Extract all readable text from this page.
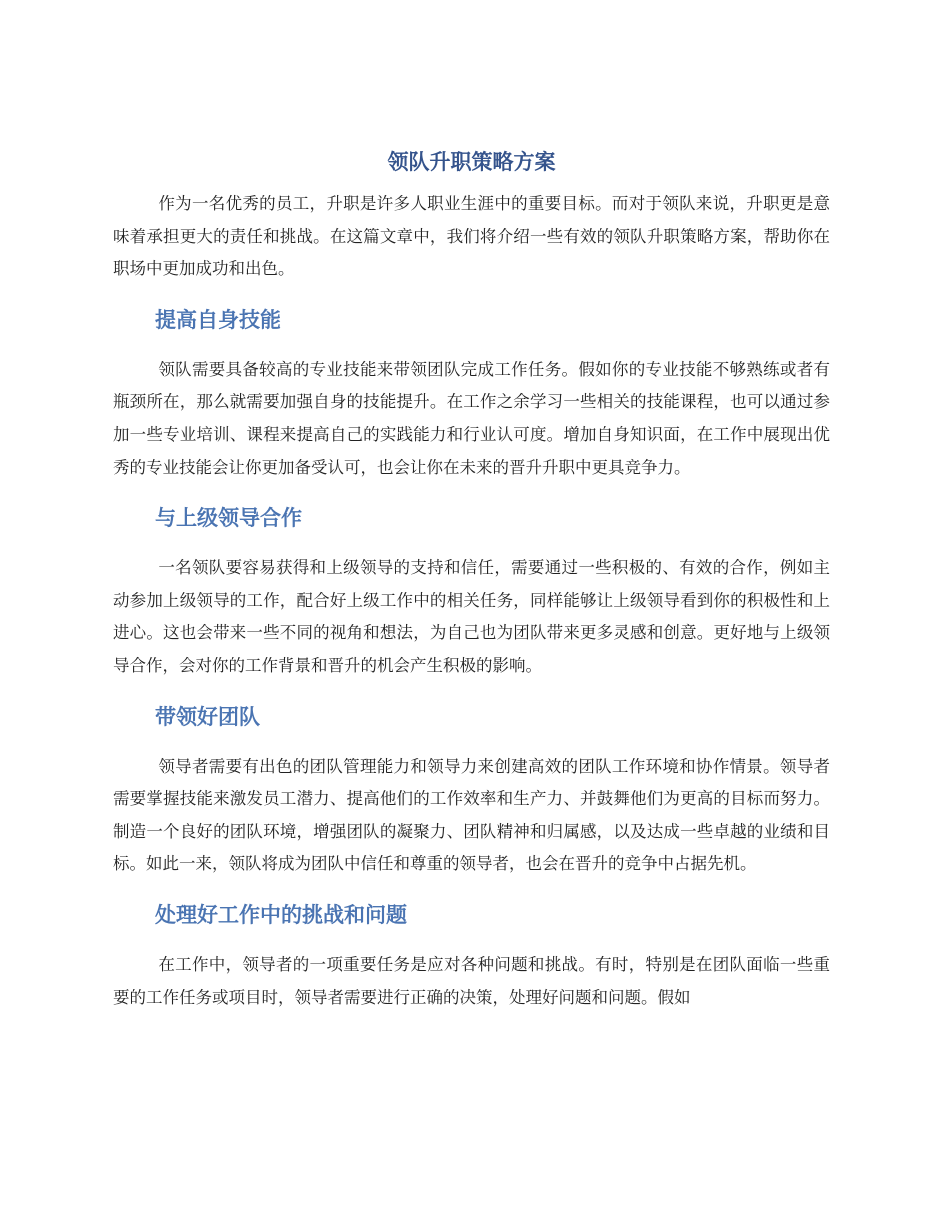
领队升职策略方案

作为一名优秀的员工，升职是许多人职业生涯中的重要目标。而对于领队来说，升职更是意味着承担更大的责任和挑战。在这篇文章中，我们将介绍一些有效的领队升职策略方案，帮助你在职场中更加成功和出色。

提高自身技能

领队需要具备较高的专业技能来带领团队完成工作任务。假如你的专业技能不够熟练或者有瓶颈所在，那么就需要加强自身的技能提升。在工作之余学习一些相关的技能课程，也可以通过参加一些专业培训、课程来提高自己的实践能力和行业认可度。增加自身知识面，在工作中展现出优秀的专业技能会让你更加备受认可，也会让你在未来的晋升升职中更具竞争力。

与上级领导合作

一名领队要容易获得和上级领导的支持和信任，需要通过一些积极的、有效的合作，例如主动参加上级领导的工作，配合好上级工作中的相关任务，同样能够让上级领导看到你的积极性和上进心。这也会带来一些不同的视角和想法，为自己也为团队带来更多灵感和创意。更好地与上级领导合作，会对你的工作背景和晋升的机会产生积极的影响。

带领好团队

领导者需要有出色的团队管理能力和领导力来创建高效的团队工作环境和协作情景。领导者需要掌握技能来激发员工潜力、提高他们的工作效率和生产力、并鼓舞他们为更高的目标而努力。制造一个良好的团队环境，增强团队的凝聚力、团队精神和归属感，以及达成一些卓越的业绩和目标。如此一来，领队将成为团队中信任和尊重的领导者，也会在晋升的竞争中占据先机。

处理好工作中的挑战和问题

在工作中，领导者的一项重要任务是应对各种问题和挑战。有时，特别是在团队面临一些重要的工作任务或项目时，领导者需要进行正确的决策，处理好问题和问题。假如
